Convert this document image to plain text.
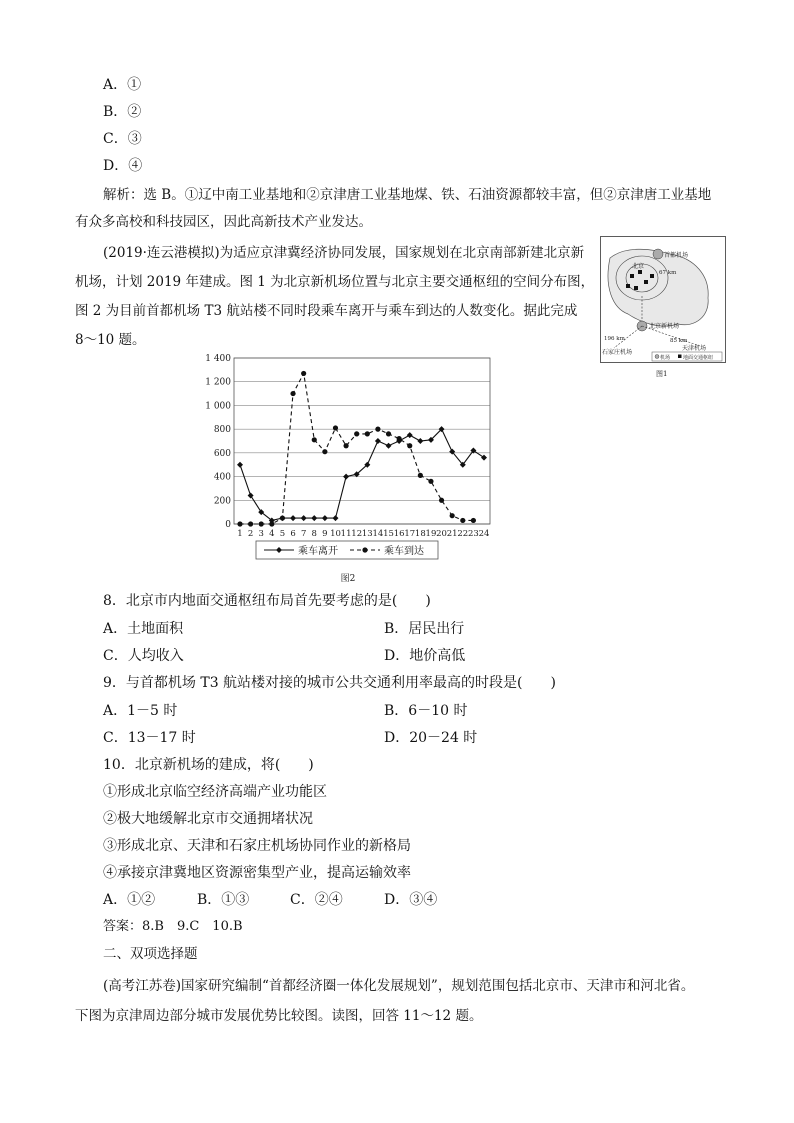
A．①
B．②
C．③
D．④
解析：选 B。①辽中南工业基地和②京津唐工业基地煤、铁、石油资源都较丰富，但②京津唐工业基地
有众多高校和科技园区，因此高新技术产业发达。
(2019·连云港模拟)为适应京津冀经济协同发展，国家规划在北京南部新建北京新
机场，计划 2019 年建成。图 1 为北京新机场位置与北京主要交通枢纽的空间分布图，
图 2 为目前首都机场 T3 航站楼不同时段乘车离开与乘车到达的人数变化。据此完成
8～10 题。
首都机场
67 km
北京
北京新机场
196 km	85 km
天津机场
石家庄机场
机场	地面交通枢纽
图1
0
200
400
600
800
1 000
1 200
1 400
1 2 3 4 5 6 7 8 9 10 11 12 13 14 15 16 17 18 19 20 21 22 23 24
乘车离开	乘车到达
图2
8．北京市内地面交通枢纽布局首先要考虑的是(　　)
A．土地面积	B．居民出行
C．人均收入	D．地价高低
9．与首都机场 T3 航站楼对接的城市公共交通利用率最高的时段是(　　)
A．1－5 时	B．6－10 时
C．13－17 时	D．20－24 时
10．北京新机场的建成，将(　　)
①形成北京临空经济高端产业功能区
②极大地缓解北京市交通拥堵状况
③形成北京、天津和石家庄机场协同作业的新格局
④承接京津冀地区资源密集型产业，提高运输效率
A．①②	B．①③	C．②④	D．③④
答案：8.B　9.C　10.B
二、双项选择题
(高考江苏卷)国家研究编制“首都经济圈一体化发展规划”，规划范围包括北京市、天津市和河北省。
下图为京津周边部分城市发展优势比较图。读图，回答 11～12 题。
